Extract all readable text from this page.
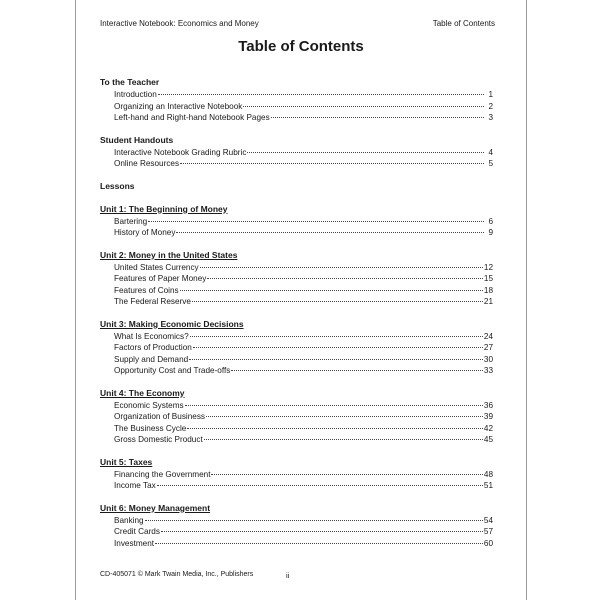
Interactive Notebook: Economics and Money	Table of Contents
Table of Contents
To the Teacher
Introduction	1
Organizing an Interactive Notebook	2
Left-hand and Right-hand Notebook Pages	3
Student Handouts
Interactive Notebook Grading Rubric	4
Online Resources	5
Lessons
Unit 1: The Beginning of Money
Bartering	6
History of Money	9
Unit 2: Money in the United States
United States Currency	12
Features of Paper Money	15
Features of Coins	18
The Federal Reserve	21
Unit 3: Making Economic Decisions
What Is Economics?	24
Factors of Production	27
Supply and Demand	30
Opportunity Cost and Trade-offs	33
Unit 4: The Economy
Economic Systems	36
Organization of Business	39
The Business Cycle	42
Gross Domestic Product	45
Unit 5: Taxes
Financing the Government	48
Income Tax	51
Unit 6: Money Management
Banking	54
Credit Cards	57
Investment	60
CD-405071 © Mark Twain Media, Inc., Publishers	ii
